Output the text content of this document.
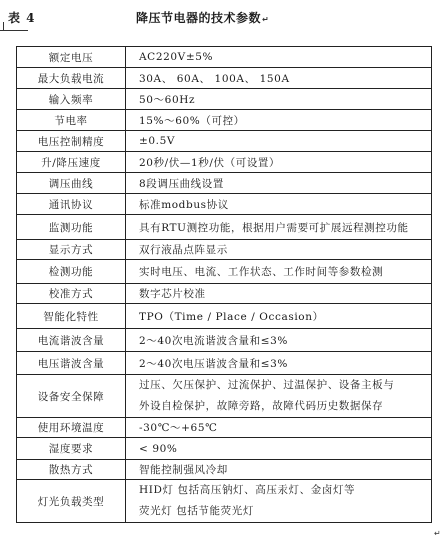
表 4	降压节电器的技术参数↵
额定电压	AC220V±5%
最大负载电流	30A、 60A、 100A、 150A
输入频率	50～60Hz
节电率	15%～60%（可控）
电压控制精度	±0.5V
升/降压速度	20秒/伏—1秒/伏（可设置）
调压曲线	8段调压曲线设置
通讯协议	标准modbus协议
监测功能	具有RTU测控功能，根据用户需要可扩展远程测控功能
显示方式	双行液晶点阵显示
检测功能	实时电压、电流、工作状态、工作时间等参数检测
校准方式	数字芯片校准
智能化特性	TPO（Time / Place / Occasion）
电流谐波含量	2～40次电流谐波含量和≤3%
电压谐波含量	2～40次电压谐波含量和≤3%
设备安全保障	过压、欠压保护、过流保护、过温保护、设备主板与
外设自检保护，故障旁路，故障代码历史数据保存

使用环境温度	-30℃～+65℃
湿度要求	< 90%
散热方式	智能控制强风冷却
灯光负载类型	HID灯 包括高压钠灯、高压汞灯、金卤灯等
荧光灯 包括节能荧光灯
↵
